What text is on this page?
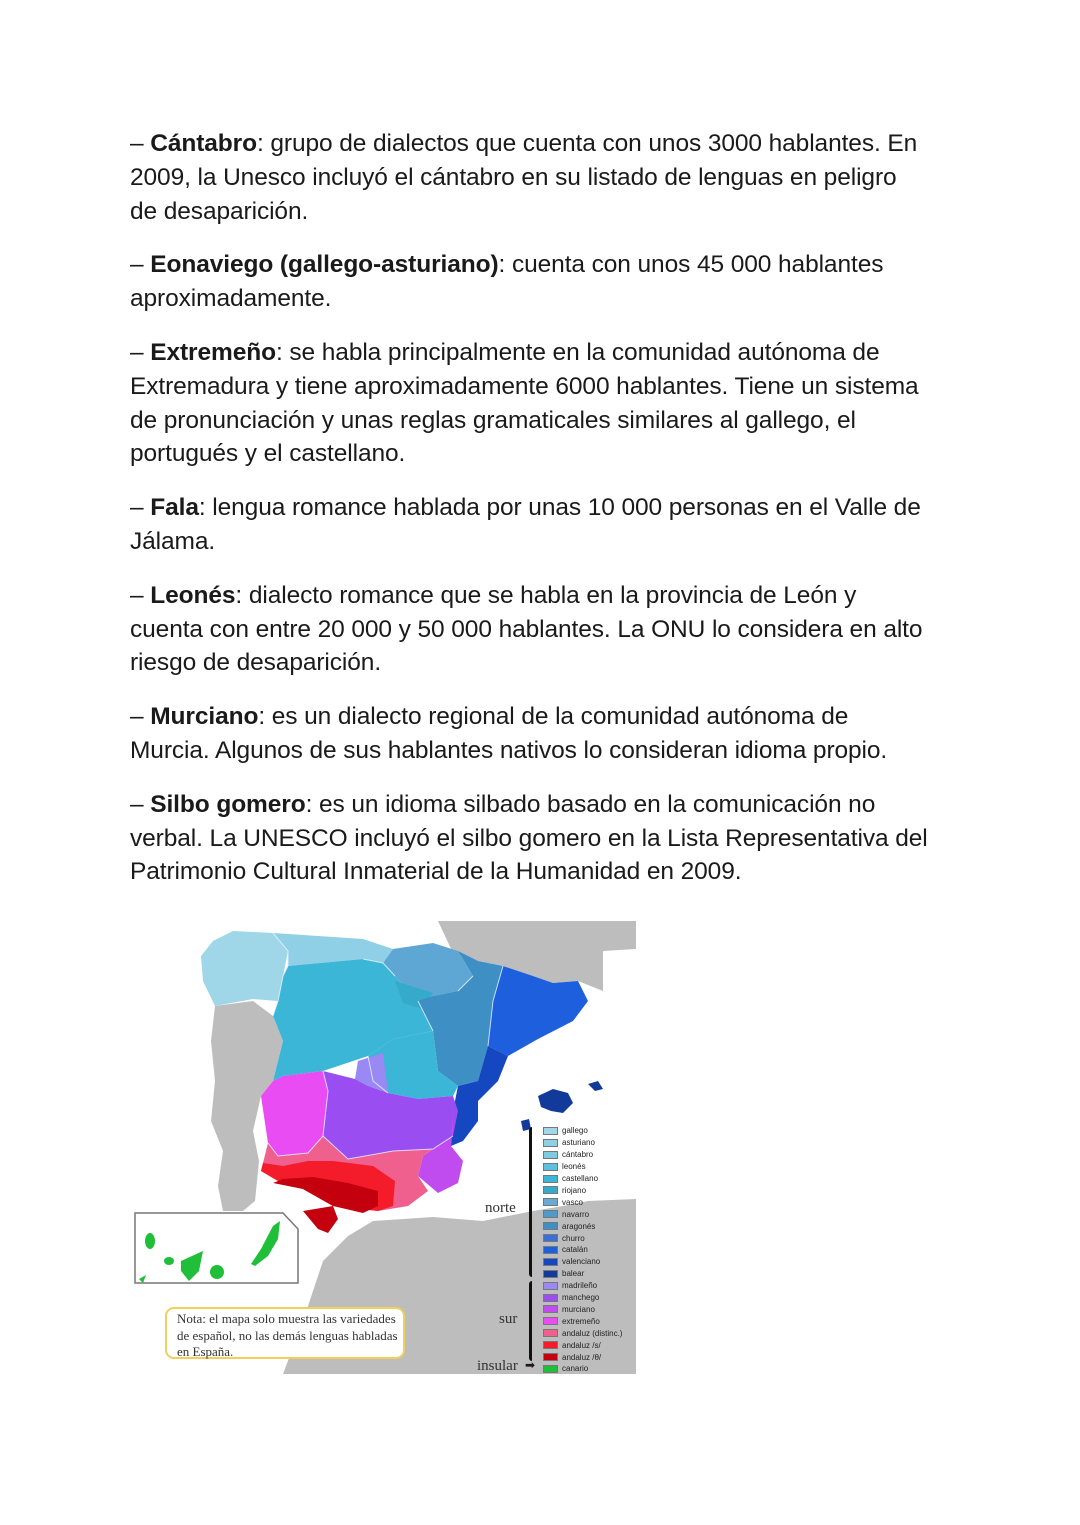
– Cántabro: grupo de dialectos que cuenta con unos 3000 hablantes. En 2009, la Unesco incluyó el cántabro en su listado de lenguas en peligro de desaparición.

– Eonaviego (gallego-asturiano): cuenta con unos 45 000 hablantes aproximadamente.

– Extremeño: se habla principalmente en la comunidad autónoma de Extremadura y tiene aproximadamente 6000 hablantes. Tiene un sistema de pronunciación y unas reglas gramaticales similares al gallego, el portugués y el castellano.

– Fala: lengua romance hablada por unas 10 000 personas en el Valle de Jálama.

– Leonés: dialecto romance que se habla en la provincia de León y cuenta con entre 20 000 y 50 000 hablantes. La ONU lo considera en alto riesgo de desaparición.

– Murciano: es un dialecto regional de la comunidad autónoma de Murcia. Algunos de sus hablantes nativos lo consideran idioma propio.

– Silbo gomero: es un idioma silbado basado en la comunicación no verbal. La UNESCO incluyó el silbo gomero en la Lista Representativa del Patrimonio Cultural Inmaterial de la Humanidad en 2009.

Nota: el mapa solo muestra las variedades de español, no las demás lenguas habladas en España.
norte
sur
insular ➡
gallego
asturiano
cántabro
leonés
castellano
riojano
vasco
navarro
aragonés
churro
catalán
valenciano
balear
madrileño
manchego
murciano
extremeño
andaluz (distinc.)
andaluz /s/
andaluz /θ/
canario
